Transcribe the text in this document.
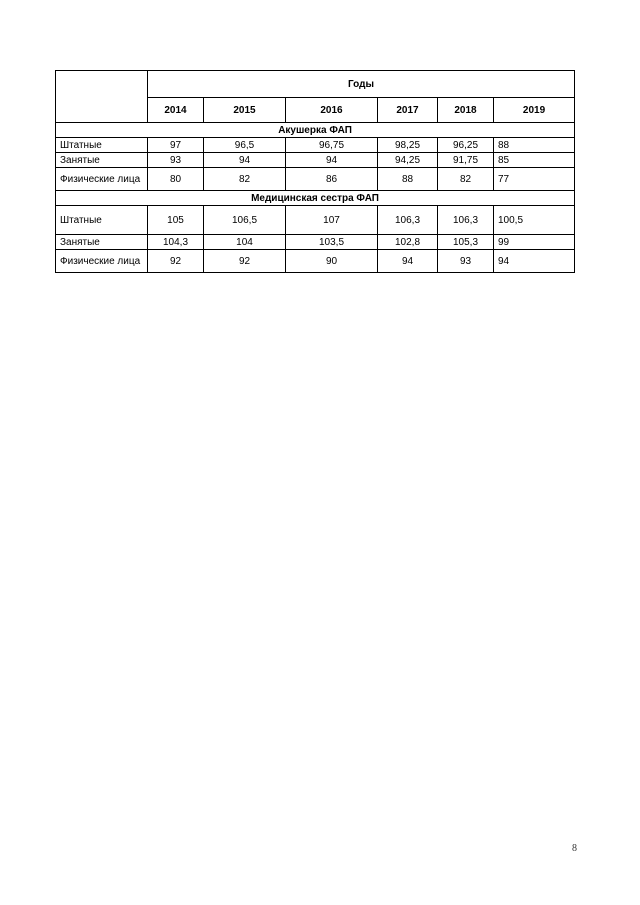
	Годы					
	2014	2015	2016	2017	2018	2019
Акушерка ФАП						
Штатные	97	96,5	96,75	98,25	96,25	88
Занятые	93	94	94	94,25	91,75	85
Физические лица	80	82	86	88	82	77
Медицинская сестра ФАП						
Штатные	105	106,5	107	106,3	106,3	100,5
Занятые	104,3	104	103,5	102,8	105,3	99
Физические лица	92	92	90	94	93	94
8
